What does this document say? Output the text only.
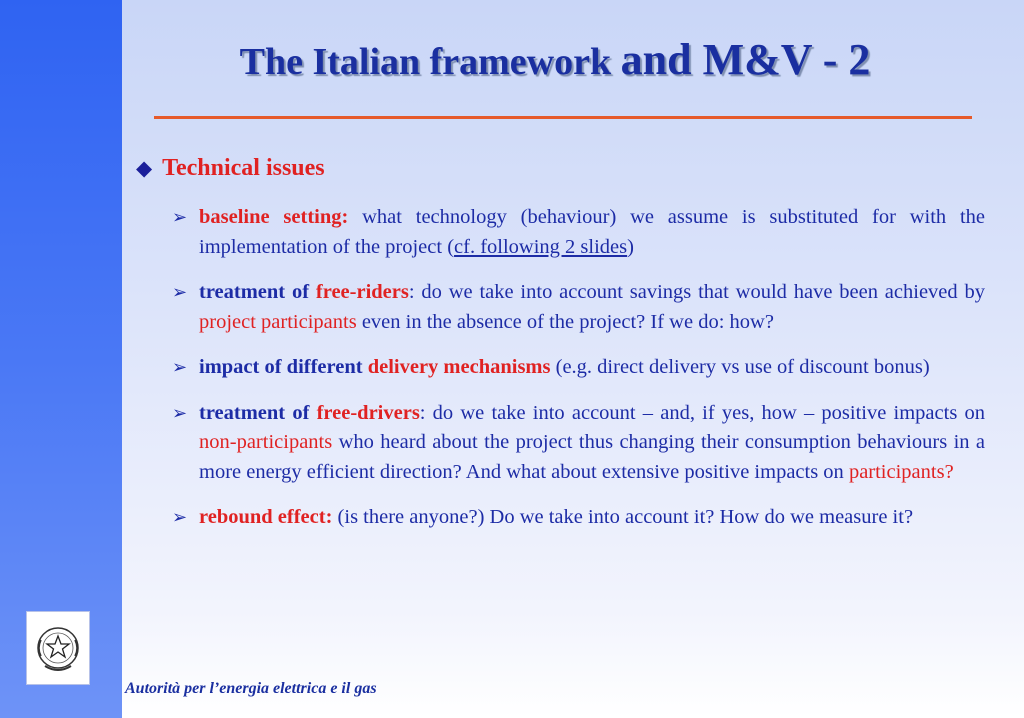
The Italian framework and M&V - 2
◆ Technical issues
➢ baseline setting: what technology (behaviour) we assume is substituted for with the implementation of the project (cf. following 2 slides)
➢ treatment of free-riders: do we take into account savings that would have been achieved by project participants even in the absence of the project? If we do: how?
➢ impact of different delivery mechanisms (e.g. direct delivery vs use of discount bonus)
➢ treatment of free-drivers: do we take into account – and, if yes, how – positive impacts on non-participants who heard about the project thus changing their consumption behaviours in a more energy efficient direction? And what about extensive positive impacts on participants?
➢ rebound effect: (is there anyone?) Do we take into account it? How do we measure it?
Autorità per l’energia elettrica e il gas
